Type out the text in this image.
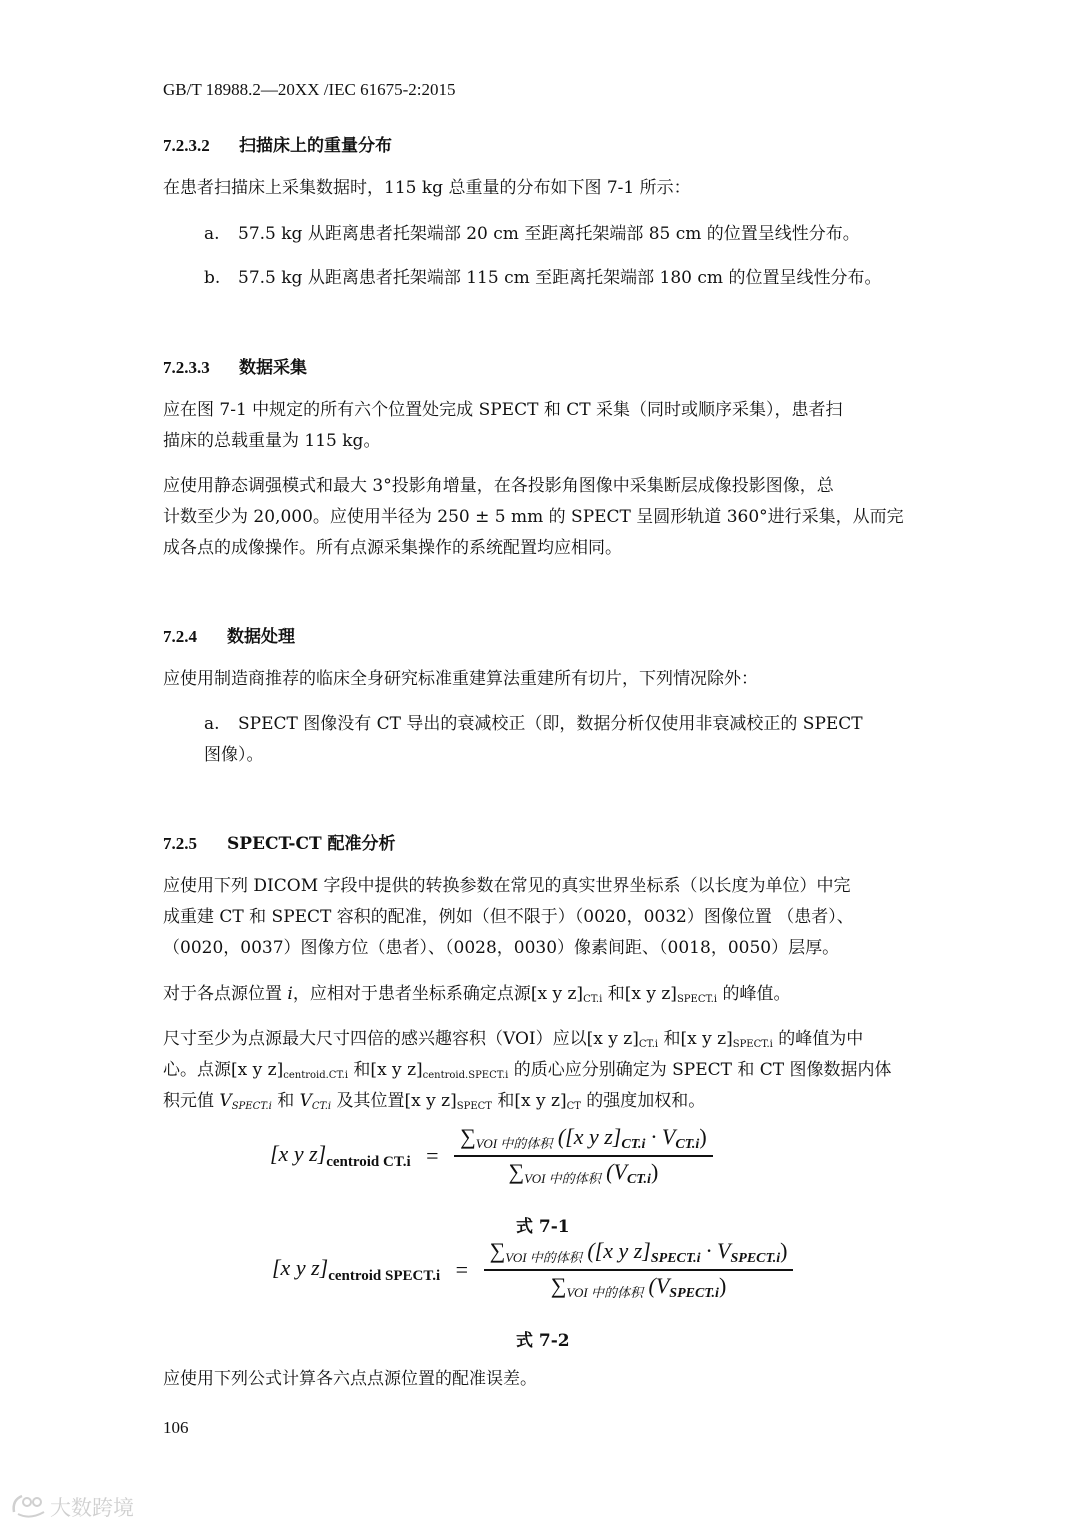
GB/T 18988.2—20XX /IEC 61675-2:2015
7.2.3.2 扫描床上的重量分布
在患者扫描床上采集数据时，115 kg 总重量的分布如下图 7-1 所示：
a. 57.5 kg 从距离患者托架端部 20 cm 至距离托架端部 85 cm 的位置呈线性分布。
b. 57.5 kg 从距离患者托架端部 115 cm 至距离托架端部 180 cm 的位置呈线性分布。
7.2.3.3 数据采集
应在图 7-1 中规定的所有六个位置处完成 SPECT 和 CT 采集（同时或顺序采集），患者扫
描床的总载重量为 115 kg。
应使用静态调强模式和最大 3°投影角增量，在各投影角图像中采集断层成像投影图像，总
计数至少为 20,000。应使用半径为 250 ± 5 mm 的 SPECT 呈圆形轨道 360°进行采集，从而完
成各点的成像操作。所有点源采集操作的系统配置均应相同。
7.2.4 数据处理
应使用制造商推荐的临床全身研究标准重建算法重建所有切片，下列情况除外：
a. SPECT 图像没有 CT 导出的衰减校正（即，数据分析仅使用非衰减校正的 SPECT
图像）。
7.2.5 SPECT-CT 配准分析
应使用下列 DICOM 字段中提供的转换参数在常见的真实世界坐标系（以长度为单位）中完
成重建 CT 和 SPECT 容积的配准，例如（但不限于）（0020，0032）图像位置 （患者）、
（0020，0037）图像方位（患者）、（0028，0030）像素间距、（0018，0050）层厚。
对于各点源位置 i，应相对于患者坐标系确定点源[x y $z]_{CT.i}$ 和[x y $z]_{SPECT.i}$ 的峰值。
尺寸至少为点源最大尺寸四倍的感兴趣容积（VOI）应以[x y $z]_{CT.i}$ 和[x y $z]_{SPECT.i}$ 的峰值为中
心。点源[x y $z]_{centroid.CT.i}$ 和[x y $z]_{centroid.SPECT.i}$ 的质心应分别确定为 SPECT 和 CT 图像数据内体
积元值 $V_{SPECT.i}$ 和 $V_{CT.i}$ 及其位置[x y $z]_{SPECT}$ 和[x y $z]_{CT}$ 的强度加权和。
[x y $z]_{centroid CT.i} = \frac{\text{∑VOI 中的体积 ([x y z]CT.i · VCT.i)}}{\text{∑VOI 中的体积 (VCT.i)}}$
式 7-1
[x y $z]_{centroid SPECT.i} = \frac{\text{∑VOI 中的体积 ([x y z]SPECT.i · VSPECT.i)}}{\text{∑VOI 中的体积 (VSPECT.i)}}$
式 7-2
应使用下列公式计算各六点点源位置的配准误差。
106
大数跨境
